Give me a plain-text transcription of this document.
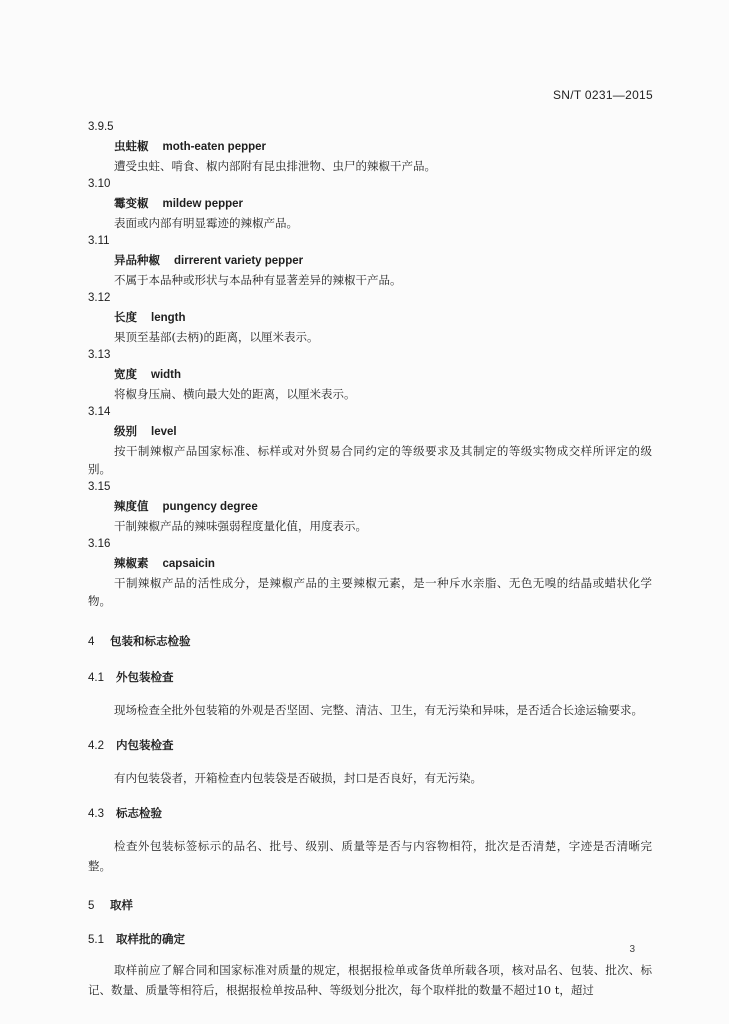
SN/T 0231—2015
3.9.5
虫蛀椒 moth-eaten pepper

遭受虫蛀、啃食、椒内部附有昆虫排泄物、虫尸的辣椒干产品。

3.10
霉变椒 mildew pepper

表面或内部有明显霉迹的辣椒产品。

3.11
异品种椒 dirrerent variety pepper

不属于本品种或形状与本品种有显著差异的辣椒干产品。

3.12
长度 length

果顶至基部(去柄)的距离，以厘米表示。

3.13
宽度 width

将椒身压扁、横向最大处的距离，以厘米表示。

3.14
级别 level

按干制辣椒产品国家标准、标样或对外贸易合同约定的等级要求及其制定的等级实物成交样所评定的级别。

3.15
辣度值 pungency degree

干制辣椒产品的辣味强弱程度量化值，用度表示。

3.16
辣椒素 capsaicin

干制辣椒产品的活性成分，是辣椒产品的主要辣椒元素，是一种斥水亲脂、无色无嗅的结晶或蜡状化学物。

4 包装和标志检验
4.1 外包装检查

现场检查全批外包装箱的外观是否坚固、完整、清洁、卫生，有无污染和异味，是否适合长途运输要求。

4.2 内包装检查

有内包装袋者，开箱检查内包装袋是否破损，封口是否良好，有无污染。

4.3 标志检验

检查外包装标签标示的品名、批号、级别、质量等是否与内容物相符，批次是否清楚，字迹是否清晰完整。

5 取样
5.1 取样批的确定

取样前应了解合同和国家标准对质量的规定，根据报检单或备货单所载各项，核对品名、包装、批次、标记、数量、质量等相符后，根据报检单按品种、等级划分批次，每个取样批的数量不超过10 t，超过

3
